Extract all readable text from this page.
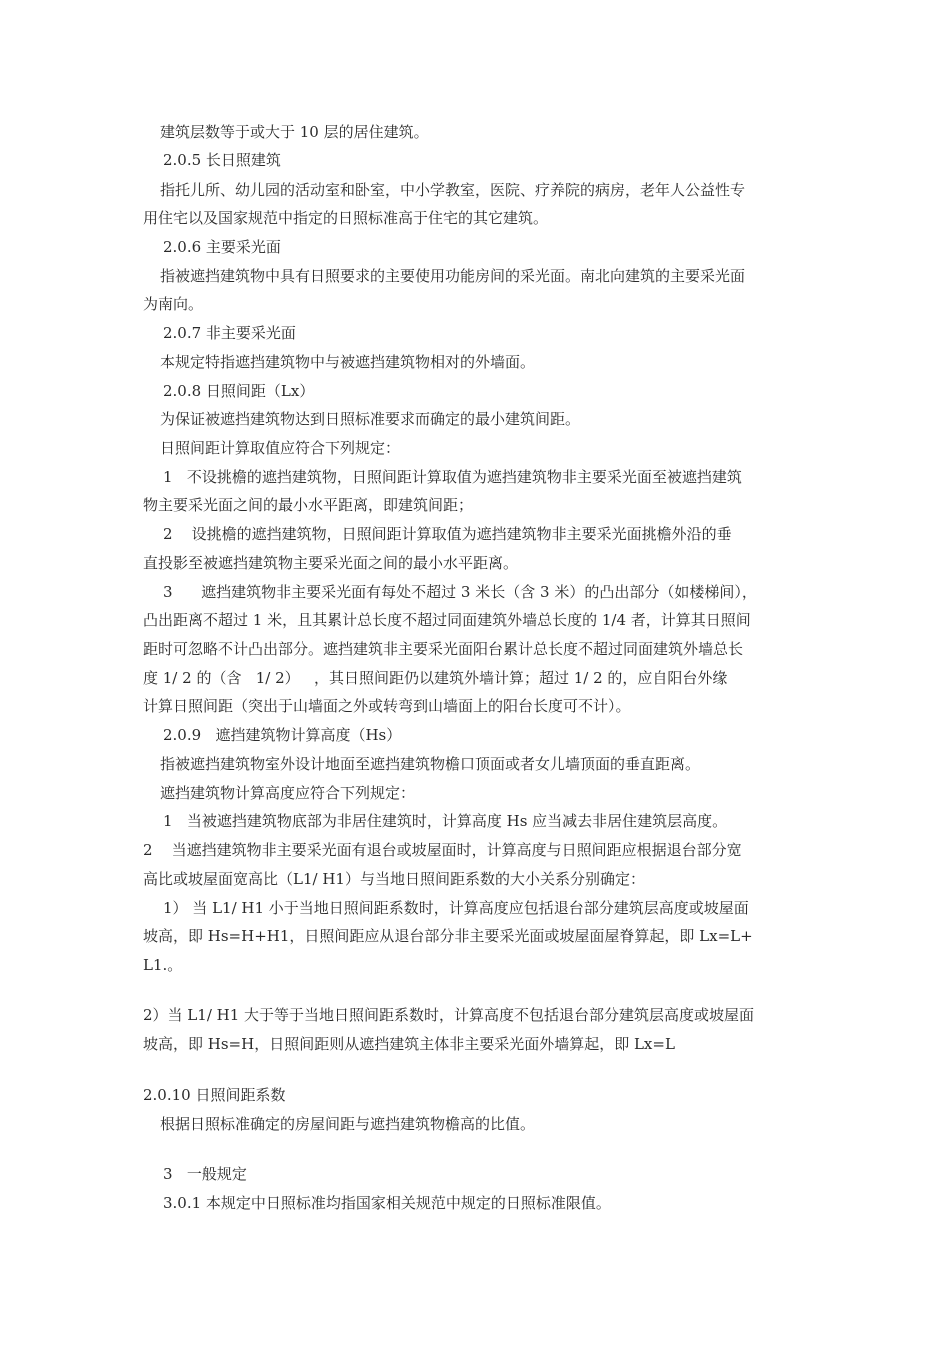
建筑层数等于或大于 10 层的居住建筑。
2.0.5 长日照建筑
指托儿所、幼儿园的活动室和卧室，中小学教室，医院、疗养院的病房，老年人公益性专
用住宅以及国家规范中指定的日照标准高于住宅的其它建筑。
2.0.6 主要采光面
指被遮挡建筑物中具有日照要求的主要使用功能房间的采光面。南北向建筑的主要采光面
为南向。
2.0.7 非主要采光面
本规定特指遮挡建筑物中与被遮挡建筑物相对的外墙面。
2.0.8 日照间距（Lx）
为保证被遮挡建筑物达到日照标准要求而确定的最小建筑间距。
日照间距计算取值应符合下列规定：
1   不设挑檐的遮挡建筑物，日照间距计算取值为遮挡建筑物非主要采光面至被遮挡建筑
物主要采光面之间的最小水平距离，即建筑间距；
2    设挑檐的遮挡建筑物，日照间距计算取值为遮挡建筑物非主要采光面挑檐外沿的垂
直投影至被遮挡建筑物主要采光面之间的最小水平距离。
3      遮挡建筑物非主要采光面有每处不超过 3 米长（含 3 米）的凸出部分（如楼梯间），
凸出距离不超过 1 米，且其累计总长度不超过同面建筑外墙总长度的 1/4 者，计算其日照间
距时可忽略不计凸出部分。遮挡建筑非主要采光面阳台累计总长度不超过同面建筑外墙总长
度 1/ 2 的（含   1/ 2）   ，其日照间距仍以建筑外墙计算；超过 1/ 2 的，应自阳台外缘
计算日照间距（突出于山墙面之外或转弯到山墙面上的阳台长度可不计）。
2.0.9   遮挡建筑物计算高度（Hs）
指被遮挡建筑物室外设计地面至遮挡建筑物檐口顶面或者女儿墙顶面的垂直距离。
遮挡建筑物计算高度应符合下列规定：
1   当被遮挡建筑物底部为非居住建筑时，计算高度 Hs 应当减去非居住建筑层高度。
2    当遮挡建筑物非主要采光面有退台或坡屋面时，计算高度与日照间距应根据退台部分宽
高比或坡屋面宽高比（L1/ H1）与当地日照间距系数的大小关系分别确定：
1） 当 L1/ H1 小于当地日照间距系数时，计算高度应包括退台部分建筑层高度或坡屋面
坡高，即 Hs=H+H1，日照间距应从退台部分非主要采光面或坡屋面屋脊算起，即 Lx=L+
L1.。
2）当 L1/ H1 大于等于当地日照间距系数时，计算高度不包括退台部分建筑层高度或坡屋面
坡高，即 Hs=H，日照间距则从遮挡建筑主体非主要采光面外墙算起，即 Lx=L
2.0.10 日照间距系数
根据日照标准确定的房屋间距与遮挡建筑物檐高的比值。
3   一般规定
3.0.1 本规定中日照标准均指国家相关规范中规定的日照标准限值。
